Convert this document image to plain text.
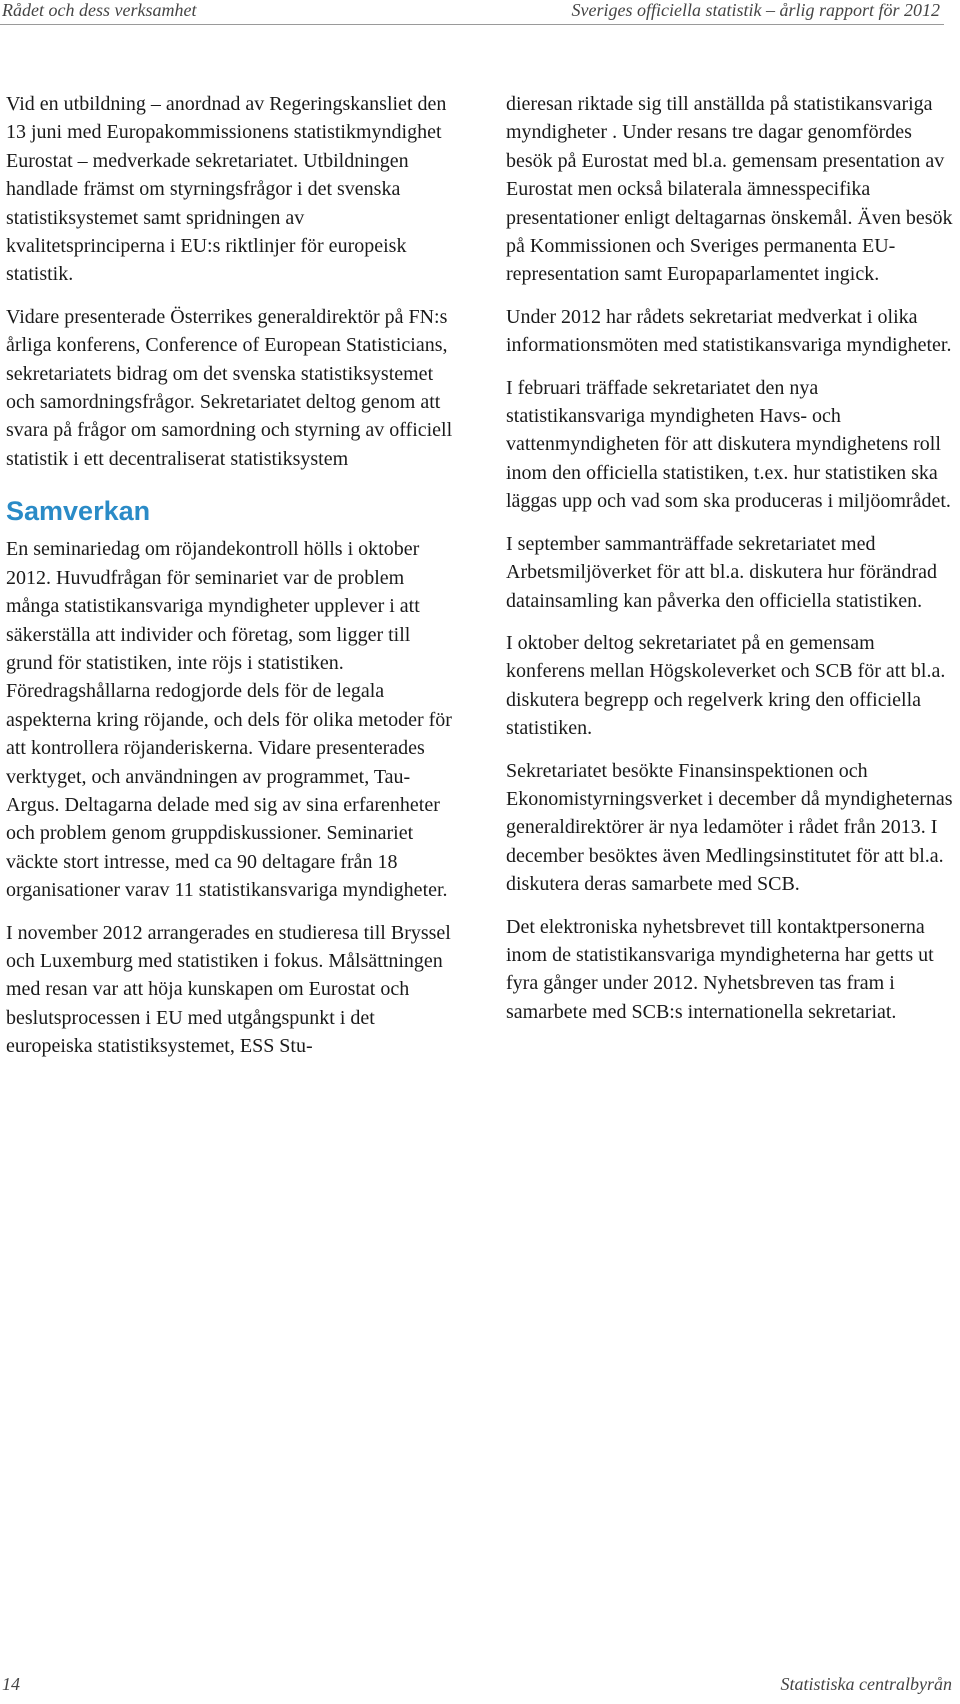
Rådet och dess verksamhet	Sveriges officiella statistik – årlig rapport för 2012

Vid en utbildning – anordnad av Regeringskansliet den 13 juni med Europakommissionens statistikmyndighet Eurostat – medverkade sekretariatet. Utbildningen handlade främst om styrningsfrågor i det svenska statistiksystemet samt spridningen av kvalitetsprinciperna i EU:s riktlinjer för europeisk statistik.

Vidare presenterade Österrikes generaldirektör på FN:s årliga konferens, Conference of European Statisticians, sekretariatets bidrag om det svenska statistiksystemet och samordningsfrågor. Sekretariatet deltog genom att svara på frågor om samordning och styrning av officiell statistik i ett decentraliserat statistiksystem

Samverkan

En seminariedag om röjandekontroll hölls i oktober 2012. Huvudfrågan för seminariet var de problem många statistikansvariga myndigheter upplever i att säkerställa att individer och företag, som ligger till grund för statistiken, inte röjs i statistiken. Föredragshållarna redogjorde dels för de legala aspekterna kring röjande, och dels för olika metoder för att kontrollera röjanderiskerna. Vidare presenterades verktyget, och användningen av programmet, Tau-Argus. Deltagarna delade med sig av sina erfarenheter och problem genom gruppdiskussioner. Seminariet väckte stort intresse, med ca 90 deltagare från 18 organisationer varav 11 statistikansvariga myndigheter.

I november 2012 arrangerades en studieresa till Bryssel och Luxemburg med statistiken i fokus. Målsättningen med resan var att höja kunskapen om Eurostat och beslutsprocessen i EU med utgångspunkt i det europeiska statistiksystemet, ESS Stu-

dieresan riktade sig till anställda på statistikansvariga myndigheter . Under resans tre dagar genomfördes besök på Eurostat med bl.a. gemensam presentation av Eurostat men också bilaterala ämnesspecifika presentationer enligt deltagarnas önskemål. Även besök på Kommissionen och Sveriges permanenta EU-representation samt Europaparlamentet ingick.

Under 2012 har rådets sekretariat medverkat i olika informationsmöten med statistikansvariga myndigheter.

I februari träffade sekretariatet den nya statistikansvariga myndigheten Havs- och vattenmyndigheten för att diskutera myndighetens roll inom den officiella statistiken, t.ex. hur statistiken ska läggas upp och vad som ska produceras i miljöområdet.

I september sammanträffade sekretariatet med Arbetsmiljöverket för att bl.a. diskutera hur förändrad datainsamling kan påverka den officiella statistiken.

I oktober deltog sekretariatet på en gemensam konferens mellan Högskoleverket och SCB för att bl.a. diskutera begrepp och regelverk kring den officiella statistiken.

Sekretariatet besökte Finansinspektionen och Ekonomistyrningsverket i december då myndigheternas generaldirektörer är nya ledamöter i rådet från 2013. I december besöktes även Medlingsinstitutet för att bl.a. diskutera deras samarbete med SCB.

Det elektroniska nyhetsbrevet till kontaktpersonerna inom de statistikansvariga myndigheterna har getts ut fyra gånger under 2012. Nyhetsbreven tas fram i samarbete med SCB:s internationella sekretariat.

14	Statistiska centralbyrån
